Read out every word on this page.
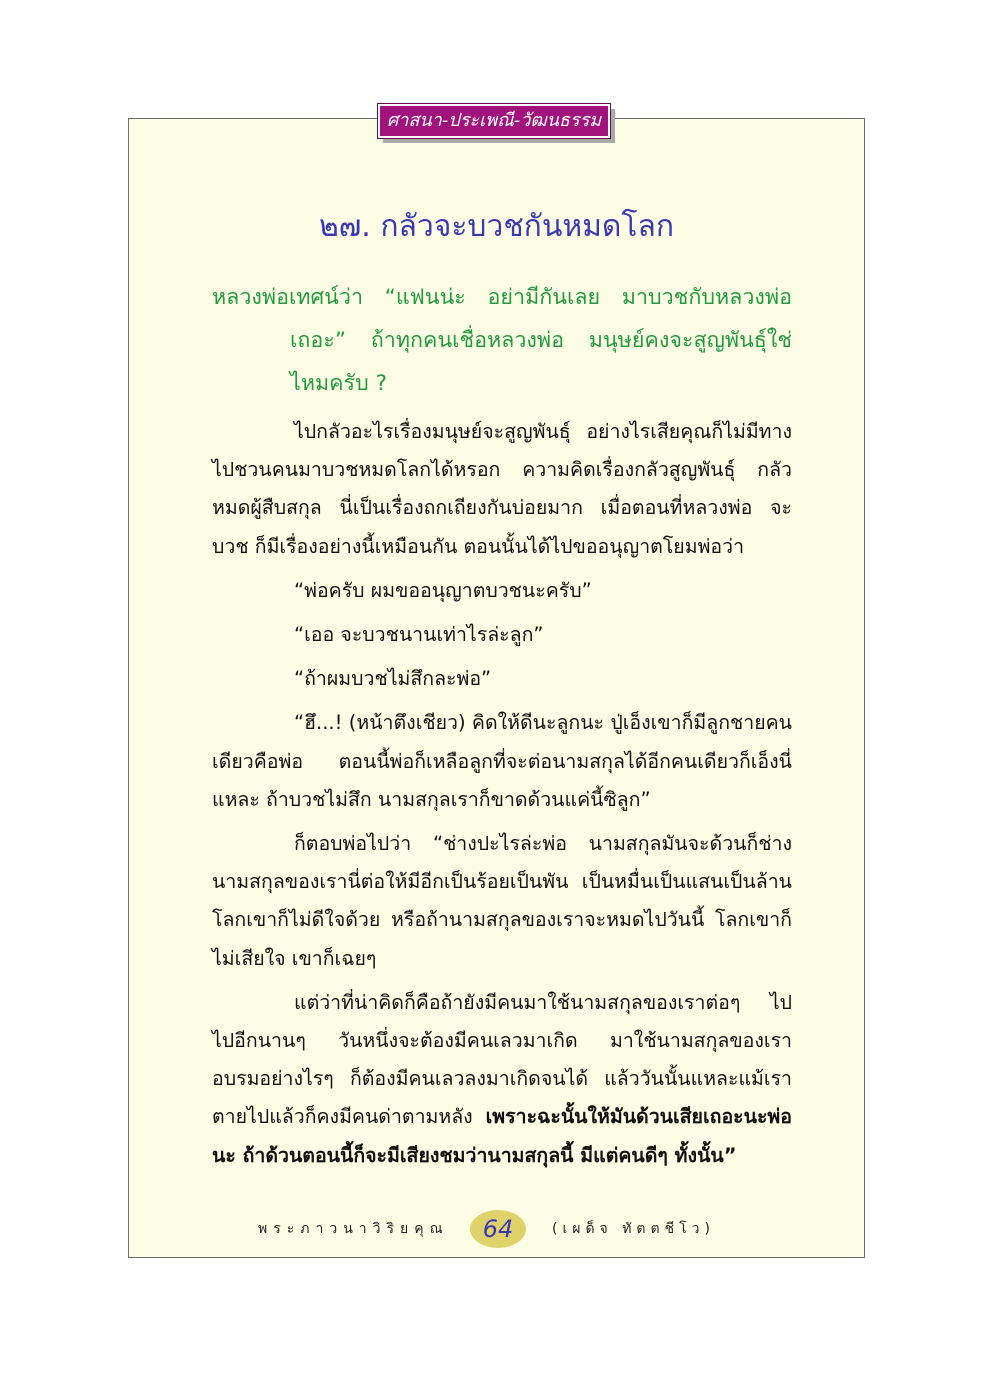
ศาสนา-ประเพณี-วัฒนธรรม
๒๗. กลัวจะบวชกันหมดโลก
หลวงพ่อเทศน์ว่า “แฟนน่ะ อย่ามีกันเลย มาบวชกับหลวงพ่อเถอะ” ถ้าทุกคนเชื่อหลวงพ่อ มนุษย์คงจะสูญพันธุ์ใช่ไหมครับ ?

ไปกลัวอะไรเรื่องมนุษย์จะสูญพันธุ์ อย่างไรเสียคุณก็ไม่มีทางไปชวนคนมาบวชหมดโลกได้หรอก ความคิดเรื่องกลัวสูญพันธุ์ กลัวหมดผู้สืบสกุล นี่เป็นเรื่องถกเถียงกันบ่อยมาก เมื่อตอนที่หลวงพ่อ จะบวช ก็มีเรื่องอย่างนี้เหมือนกัน ตอนนั้นได้ไปขออนุญาตโยมพ่อว่า

“พ่อครับ ผมขออนุญาตบวชนะครับ”

“เออ จะบวชนานเท่าไรล่ะลูก”

“ถ้าผมบวชไม่สึกละพ่อ”

“ฮึ...! (หน้าตึงเชียว) คิดให้ดีนะลูกนะ ปู่เอ็งเขาก็มีลูกชายคนเดียวคือพ่อ ตอนนี้พ่อก็เหลือลูกที่จะต่อนามสกุลได้อีกคนเดียวก็เอ็งนี่แหละ ถ้าบวชไม่สึก นามสกุลเราก็ขาดด้วนแค่นี้ซิลูก”

ก็ตอบพ่อไปว่า “ช่างปะไรล่ะพ่อ นามสกุลมันจะด้วนก็ช่างนามสกุลของเรานี่ต่อให้มีอีกเป็นร้อยเป็นพัน เป็นหมื่นเป็นแสนเป็นล้านโลกเขาก็ไม่ดีใจด้วย หรือถ้านามสกุลของเราจะหมดไปวันนี้ โลกเขาก็ไม่เสียใจ เขาก็เฉยๆ

แต่ว่าที่น่าคิดก็คือถ้ายังมีคนมาใช้นามสกุลของเราต่อๆ ไป ไปอีกนานๆ วันหนึ่งจะต้องมีคนเลวมาเกิด มาใช้นามสกุลของเรา อบรมอย่างไรๆ ก็ต้องมีคนเลวลงมาเกิดจนได้ แล้ววันนั้นแหละแม้เราตายไปแล้วก็คงมีคนด่าตามหลัง เพราะฉะนั้นให้มันด้วนเสียเถอะนะพ่อนะ ถ้าด้วนตอนนี้ก็จะมีเสียงชมว่านามสกุลนี้ มีแต่คนดีๆ ทั้งนั้น”

พระภาวนาวิริยคุณ	64	(เผด็จ ทัตตชีโว)
